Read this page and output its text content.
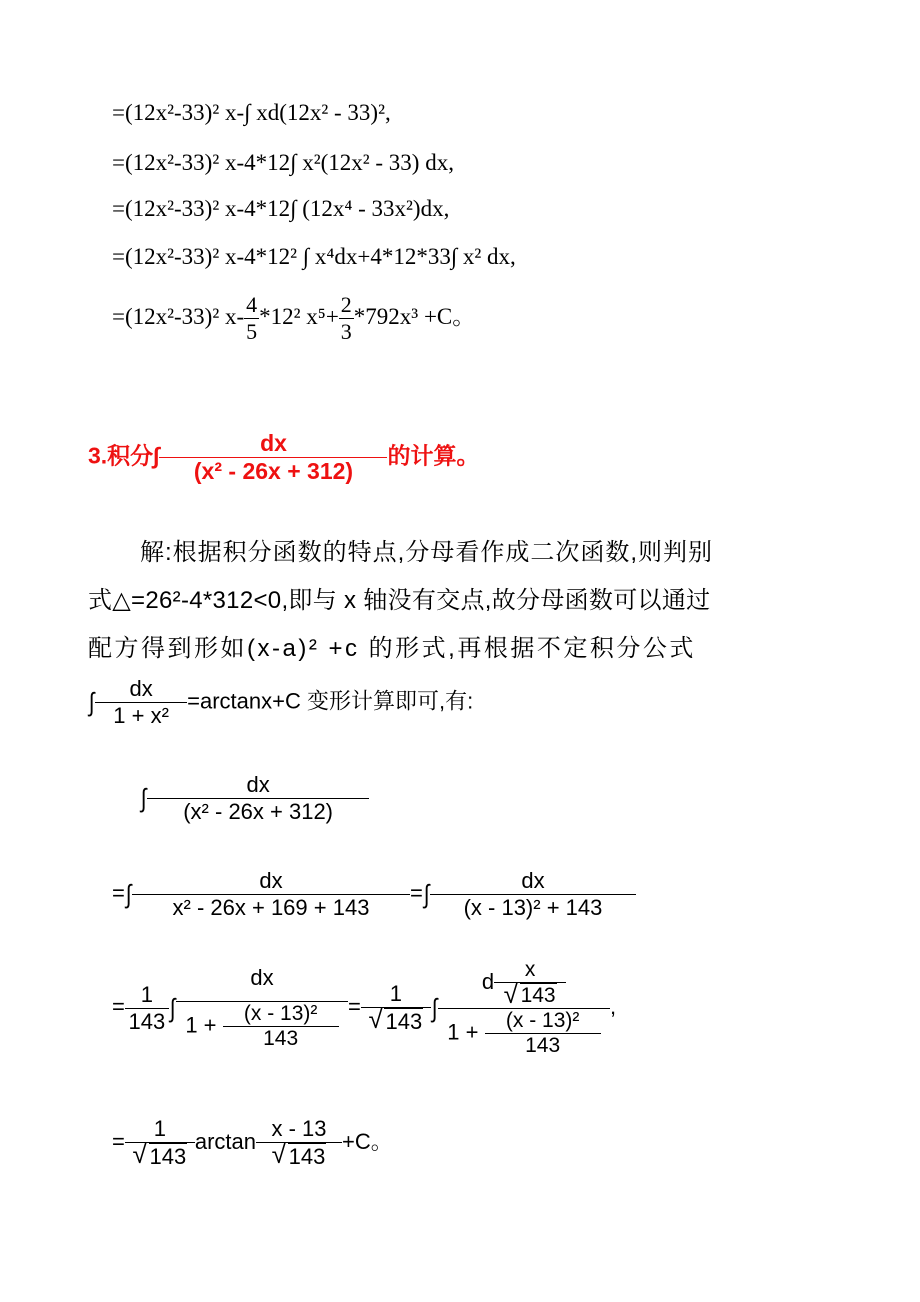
=(12x²-33)² x-∫ xd(12x² - 33)²,
=(12x²-33)² x-4*12∫ x²(12x² - 33) dx,
=(12x²-33)² x-4*12∫ (12x⁴ - 33x²)dx,
=(12x²-33)² x-4*12² ∫ x⁴dx+4*12*33∫ x² dx,
=(12x²-33)² $x- \frac{4}{5} *12^2$ $x^5+ \frac{2}{3} *792x^3 +C$。
3.积分∫ $\frac{dx}{\text{(x² - 26x + 312)}}$ 的计算。
解:根据积分函数的特点,分母看作成二次函数,则判别
式△=26²-4*312<0,即与 x 轴没有交点,故分母函数可以通过
配方得到形如(x-a)² +c 的形式,再根据不定积分公式
∫ $\frac{dx}{\text{1 + x²}} =\arctan x+C$ 变形计算即可,有:
∫ $\frac{dx}{\text{(x² - 26x + 312)}}$
=∫ $\frac{dx}{\text{x² - 26x + 169 + 143}}$ =∫ $\frac{dx}{\text{(x - 13)² + 143}}$
= $\frac{1}{143}$ ∫ $\frac{dx}{1 + \frac{\text{(x - 13)²}}{143}} = \frac{1}{√ 143}$ ∫ $\frac{d \frac{x}{√ 143}}{1 + \frac{\text{(x - 13)²}}{143}}$ ,
= $\frac{1}{√ 143}$ $\arctan \frac{x - 13}{√ 143} +C$。
